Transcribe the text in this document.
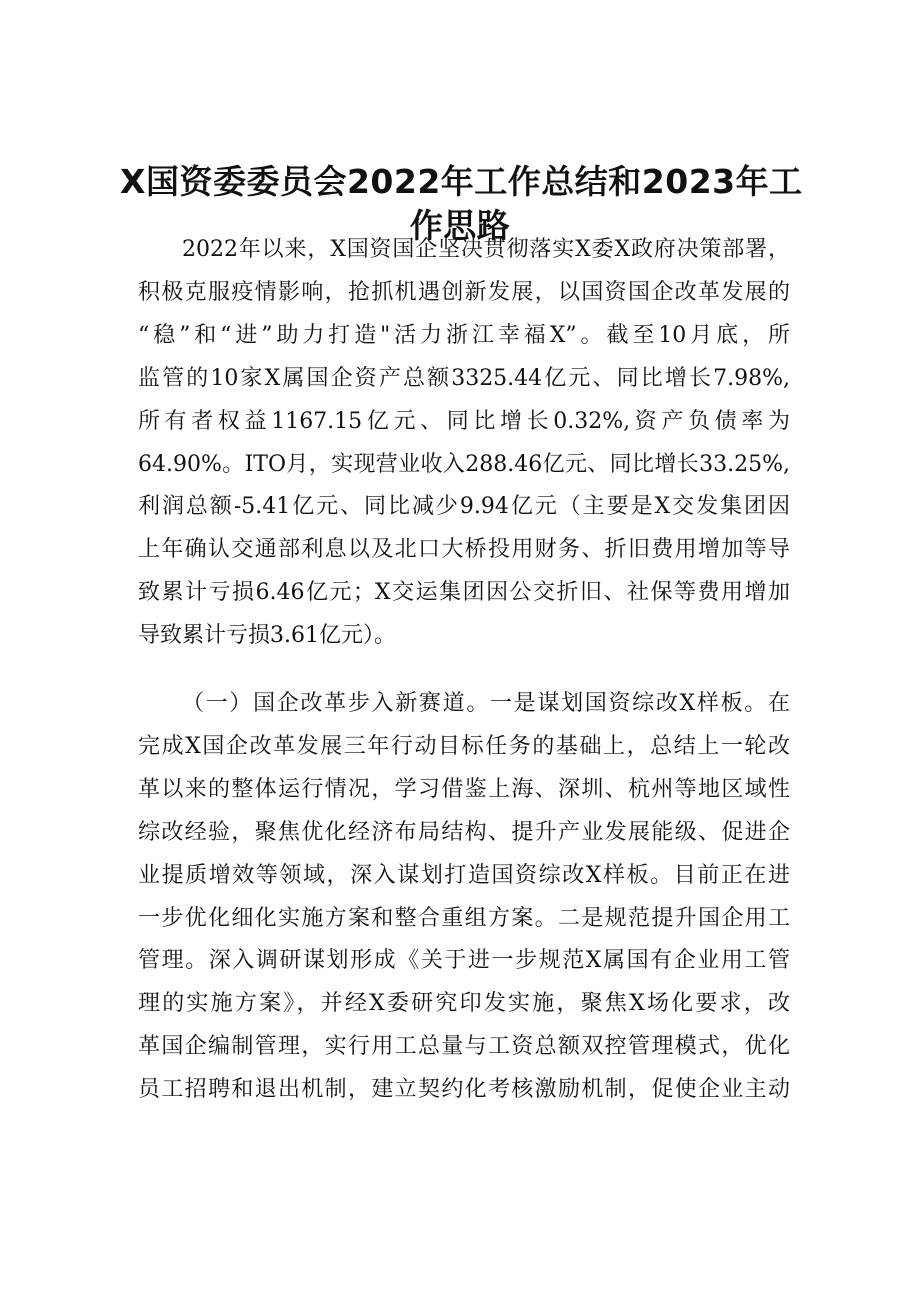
X国资委委员会2022年工作总结和2023年工
作思路
2022年以来，X国资国企坚决贯彻落实X委X政府决策部署，
积极克服疫情影响，抢抓机遇创新发展，以国资国企改革发展的
“稳”和“进”助力打造"活力浙江幸福X”。截至10月底，所
监管的10家X属国企资产总额3325.44亿元、同比增长7.98%,
所有者权益1167.15亿元、同比增长0.32%,资产负债率为
64.90%。ITO月，实现营业收入288.46亿元、同比增长33.25%,
利润总额-5.41亿元、同比减少9.94亿元（主要是X交发集团因
上年确认交通部利息以及北口大桥投用财务、折旧费用增加等导
致累计亏损6.46亿元；X交运集团因公交折旧、社保等费用增加
导致累计亏损3.61亿元）。
（一）国企改革步入新赛道。一是谋划国资综改X样板。在
完成X国企改革发展三年行动目标任务的基础上，总结上一轮改
革以来的整体运行情况，学习借鉴上海、深圳、杭州等地区域性
综改经验，聚焦优化经济布局结构、提升产业发展能级、促进企
业提质增效等领域，深入谋划打造国资综改X样板。目前正在进
一步优化细化实施方案和整合重组方案。二是规范提升国企用工
管理。深入调研谋划形成《关于进一步规范X属国有企业用工管
理的实施方案》，并经X委研究印发实施，聚焦X场化要求，改
革国企编制管理，实行用工总量与工资总额双控管理模式，优化
员工招聘和退出机制，建立契约化考核激励机制，促使企业主动
